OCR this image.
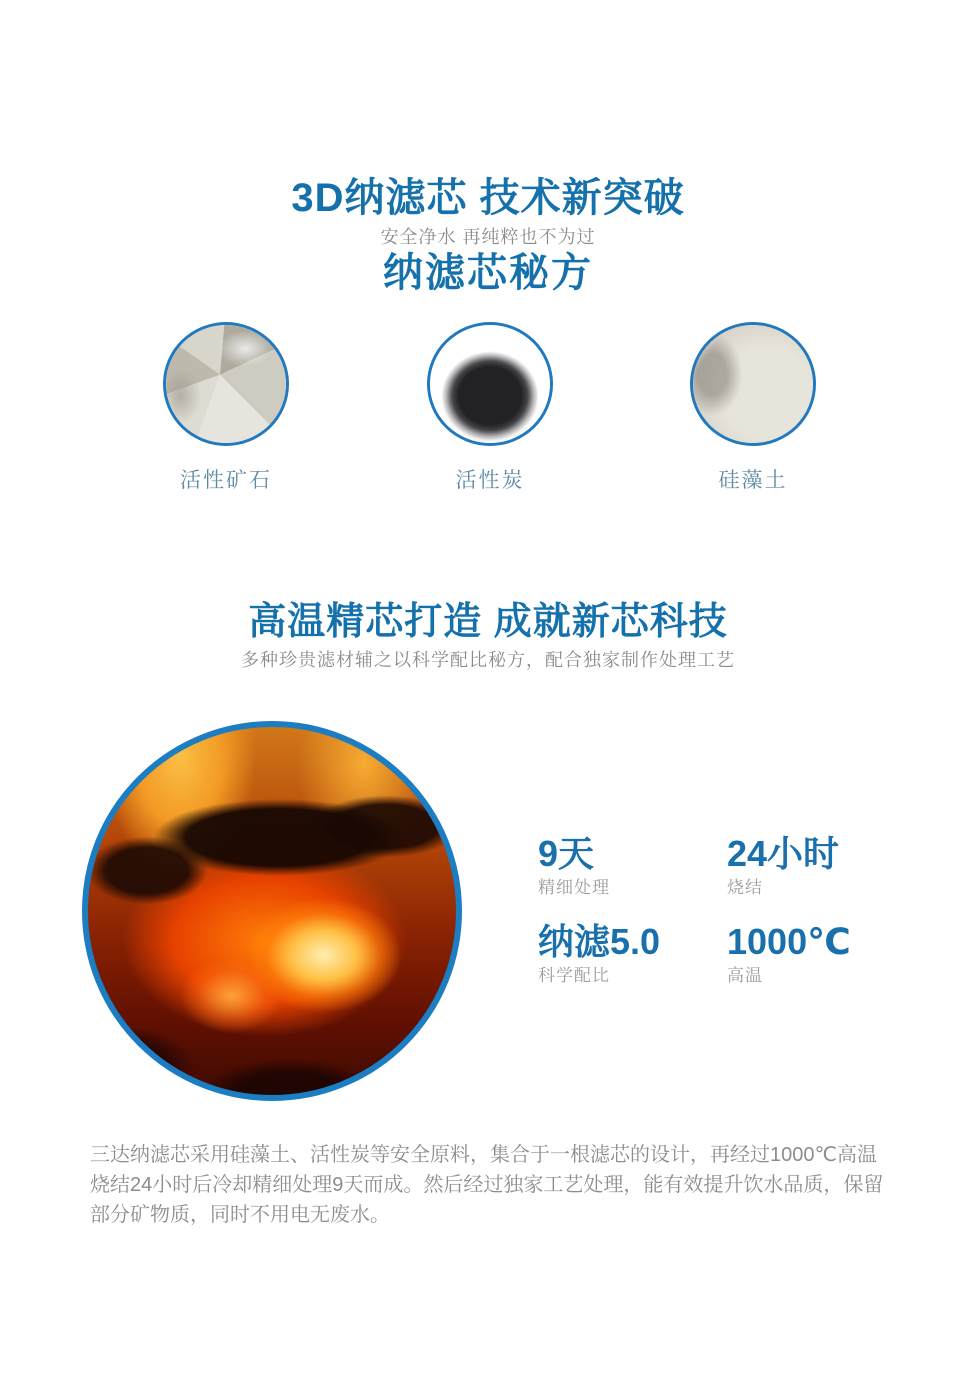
3D纳滤芯 技术新突破
安全净水 再纯粹也不为过
纳滤芯秘方
活性矿石	活性炭	硅藻土
高温精芯打造 成就新芯科技
多种珍贵滤材辅之以科学配比秘方，配合独家制作处理工艺
9天
精细处理
24小时
烧结
纳滤5.0
科学配比
1000℃
高温
三达纳滤芯采用硅藻土、活性炭等安全原料，集合于一根滤芯的设计，再经过1000℃高温烧结24小时后冷却精细处理9天而成。然后经过独家工艺处理，能有效提升饮水品质，保留部分矿物质，同时不用电无废水。
